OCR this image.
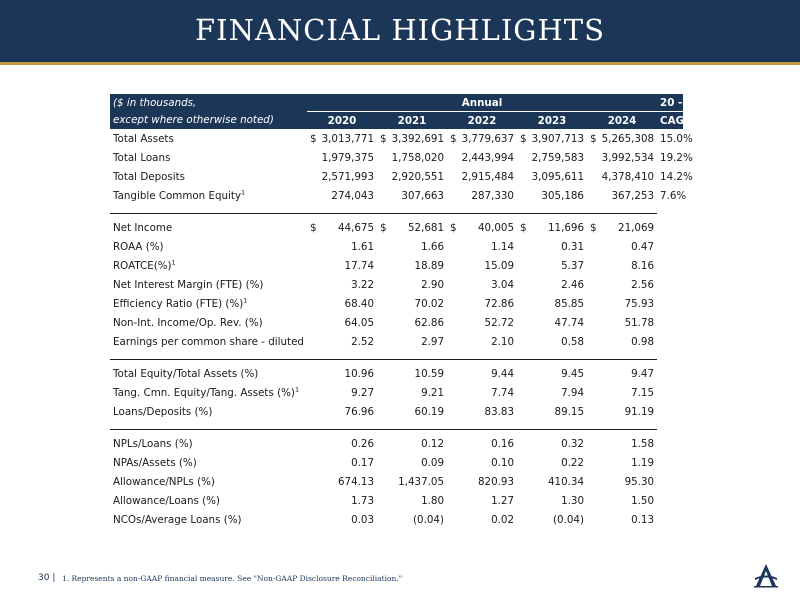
FINANCIAL HIGHLIGHTS
($ in thousands,	Annual					20 - '24
except where otherwise noted)	2020	2021	2022	2023	2024	CAGR
Total Assets	$ 3,013,771	$ 3,392,691	$ 3,779,637	$ 3,907,713	$ 5,265,308	15.0%
Total Loans	1,979,375	1,758,020	2,443,994	2,759,583	3,992,534	19.2%
Total Deposits	2,571,993	2,920,551	2,915,484	3,095,611	4,378,410	14.2%
Tangible Common Equity$^1$	274,043	307,663	287,330	305,186	367,253	7.6%

Net Income	$ 44,675	$ 52,681	$ 40,005	$ 11,696	$ 21,069	
ROAA (%)	1.61	1.66	1.14	0.31	0.47	
ROATCE(%)$^1$	17.74	18.89	15.09	5.37	8.16	
Net Interest Margin (FTE) (%)	3.22	2.90	3.04	2.46	2.56	
Efficiency Ratio (FTE) (%)$^1$	68.40	70.02	72.86	85.85	75.93	
Non-Int. Income/Op. Rev. (%)	64.05	62.86	52.72	47.74	51.78	
Earnings per common share - diluted	2.52	2.97	2.10	0.58	0.98	

Total Equity/Total Assets (%)	10.96	10.59	9.44	9.45	9.47	
Tang. Cmn. Equity/Tang. Assets (%)$^1$	9.27	9.21	7.74	7.94	7.15	
Loans/Deposits (%)	76.96	60.19	83.83	89.15	91.19	

NPLs/Loans (%)	0.26	0.12	0.16	0.32	1.58	
NPAs/Assets (%)	0.17	0.09	0.10	0.22	1.19	
Allowance/NPLs (%)	674.13	1,437.05	820.93	410.34	95.30	
Allowance/Loans (%)	1.73	1.80	1.27	1.30	1.50	
NCOs/Average Loans (%)	0.03	(0.04)	0.02	(0.04)	0.13	
30 | 1. Represents a non-GAAP financial measure. See "Non-GAAP Disclosure Reconciliation."
